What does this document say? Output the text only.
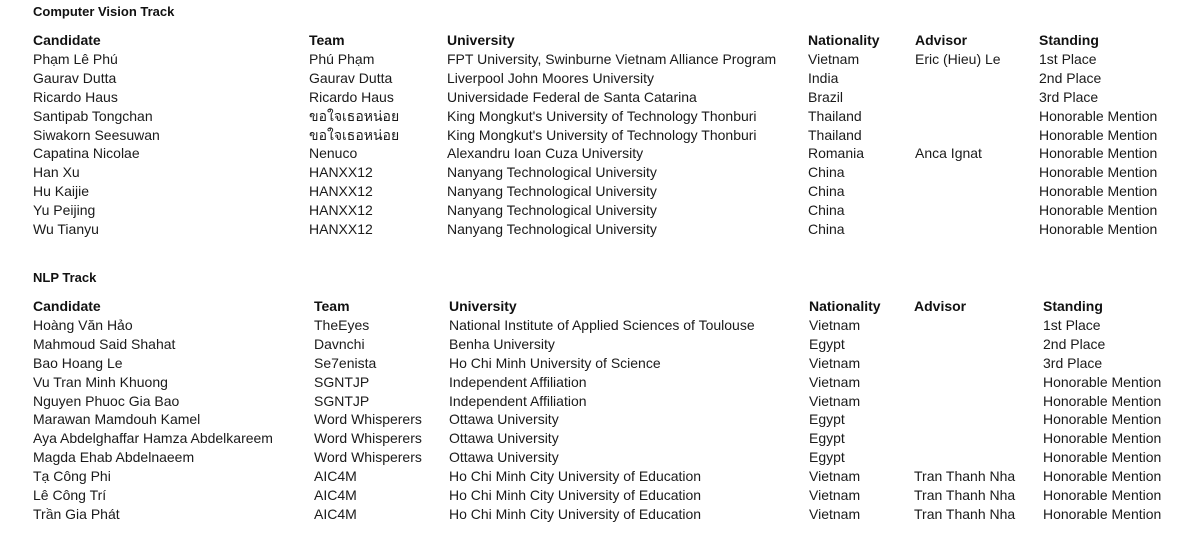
Computer Vision Track
Candidate	Team	University	Nationality	Advisor	Standing
Phạm Lê Phú	Phú Phạm	FPT University, Swinburne Vietnam Alliance Program	Vietnam	Eric (Hieu) Le	1st Place
Gaurav Dutta	Gaurav Dutta	Liverpool John Moores University	India		2nd Place
Ricardo Haus	Ricardo Haus	Universidade Federal de Santa Catarina	Brazil		3rd Place
Santipab Tongchan	ขอใจเธอหน่อย	King Mongkut's University of Technology Thonburi	Thailand		Honorable Mention
Siwakorn Seesuwan	ขอใจเธอหน่อย	King Mongkut's University of Technology Thonburi	Thailand		Honorable Mention
Capatina Nicolae	Nenuco	Alexandru Ioan Cuza University	Romania	Anca Ignat	Honorable Mention
Han Xu	HANXX12	Nanyang Technological University	China		Honorable Mention
Hu Kaijie	HANXX12	Nanyang Technological University	China		Honorable Mention
Yu Peijing	HANXX12	Nanyang Technological University	China		Honorable Mention
Wu Tianyu	HANXX12	Nanyang Technological University	China		Honorable Mention
NLP Track
Candidate	Team	University	Nationality	Advisor	Standing
Hoàng Văn Hảo	TheEyes	National Institute of Applied Sciences of Toulouse	Vietnam		1st Place
Mahmoud Said Shahat	Davnchi	Benha University	Egypt		2nd Place
Bao Hoang Le	Se7enista	Ho Chi Minh University of Science	Vietnam		3rd Place
Vu Tran Minh Khuong	SGNTJP	Independent Affiliation	Vietnam		Honorable Mention
Nguyen Phuoc Gia Bao	SGNTJP	Independent Affiliation	Vietnam		Honorable Mention
Marawan Mamdouh Kamel	Word Whisperers	Ottawa University	Egypt		Honorable Mention
Aya Abdelghaffar Hamza Abdelkareem	Word Whisperers	Ottawa University	Egypt		Honorable Mention
Magda Ehab Abdelnaeem	Word Whisperers	Ottawa University	Egypt		Honorable Mention
Tạ Công Phi	AIC4M	Ho Chi Minh City University of Education	Vietnam	Tran Thanh Nha	Honorable Mention
Lê Công Trí	AIC4M	Ho Chi Minh City University of Education	Vietnam	Tran Thanh Nha	Honorable Mention
Trần Gia Phát	AIC4M	Ho Chi Minh City University of Education	Vietnam	Tran Thanh Nha	Honorable Mention
